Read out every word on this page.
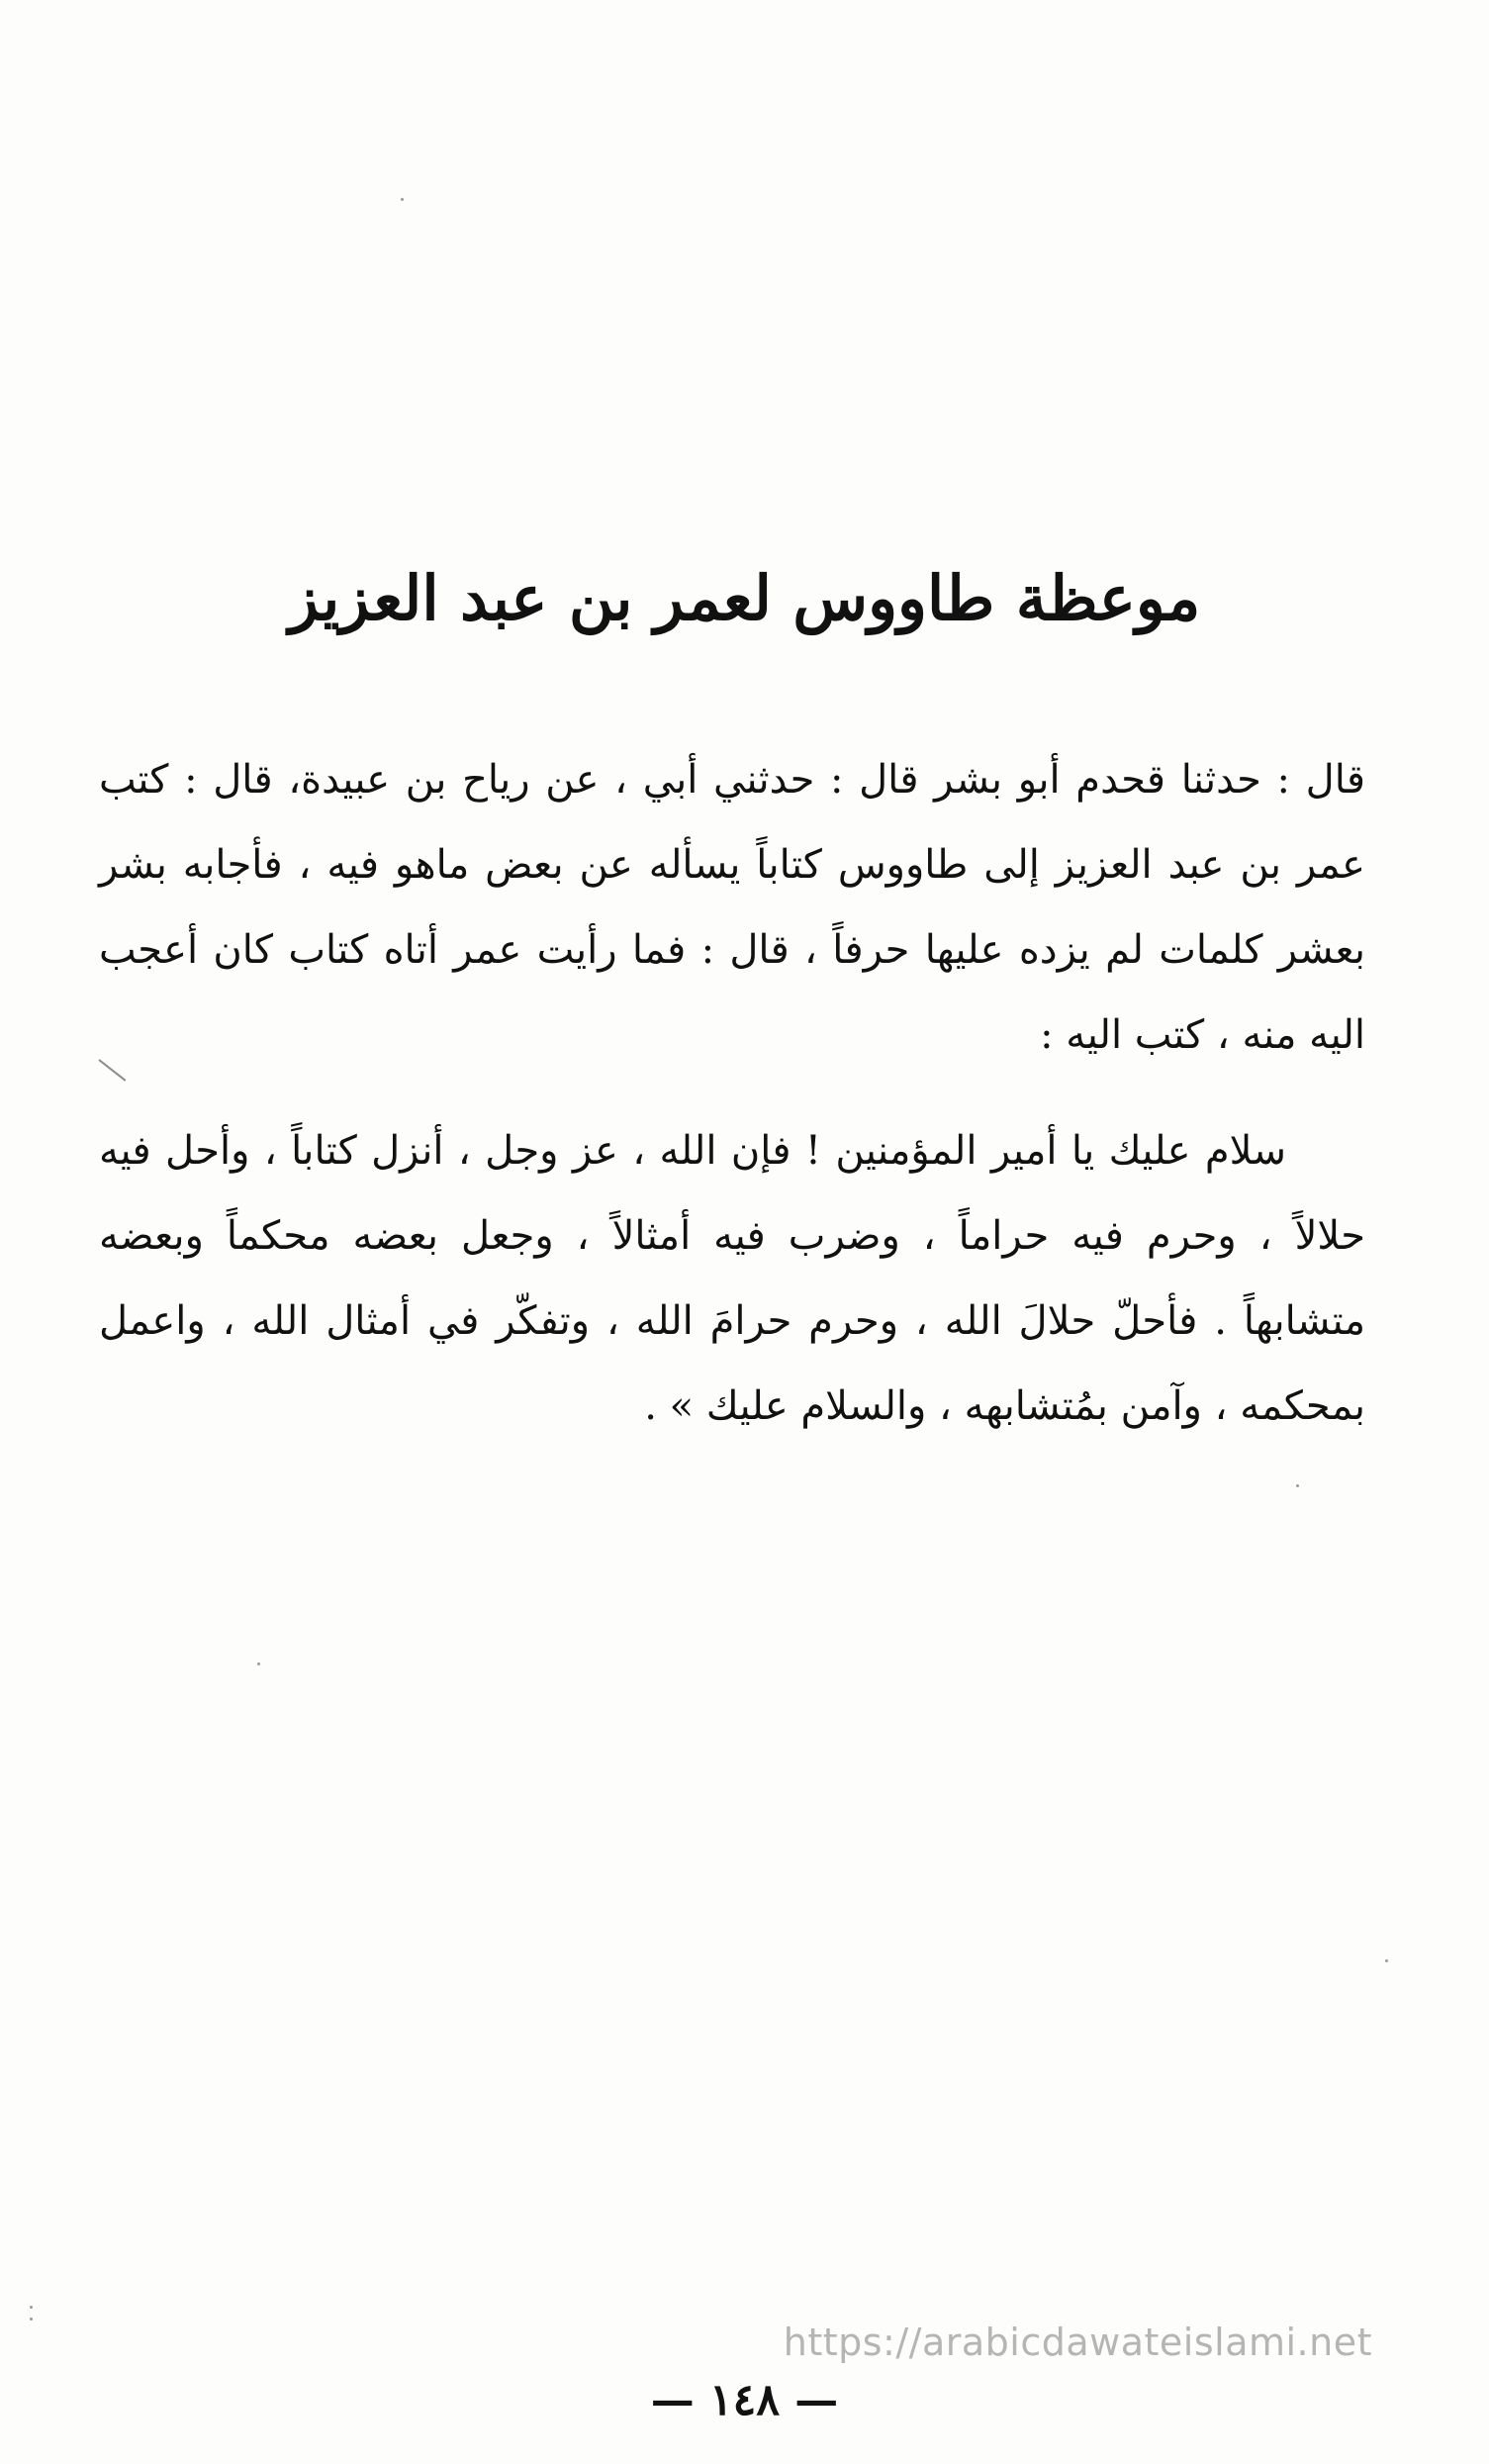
موعظة طاووس لعمر بن عبد العزيز

قال : حدثنا قحدم أبو بشر قال : حدثني أبي ، عن رياح بن عبيدة، قال : كتب عمر بن عبد العزيز إلى طاووس كتاباً يسأله عن بعض ماهو فيه ، فأجابه بشر بعشر كلمات لم يزده عليها حرفاً ، قال : فما رأيت عمر أتاه كتاب كان أعجب اليه منه ، كتب اليه :

سلام عليك يا أمير المؤمنين ! فإن الله ، عز وجل ، أنزل كتاباً ، وأحل فيه حلالاً ، وحرم فيه حراماً ، وضرب فيه أمثالاً ، وجعل بعضه محكماً وبعضه متشابهاً . فأحلّ حلالَ الله ، وحرم حرامَ الله ، وتفكّر في أمثال الله ، واعمل بمحكمه ، وآمن بمُتشابهه ، والسلام عليك » .

https://arabicdawateislami.net
— ١٤٨ —
